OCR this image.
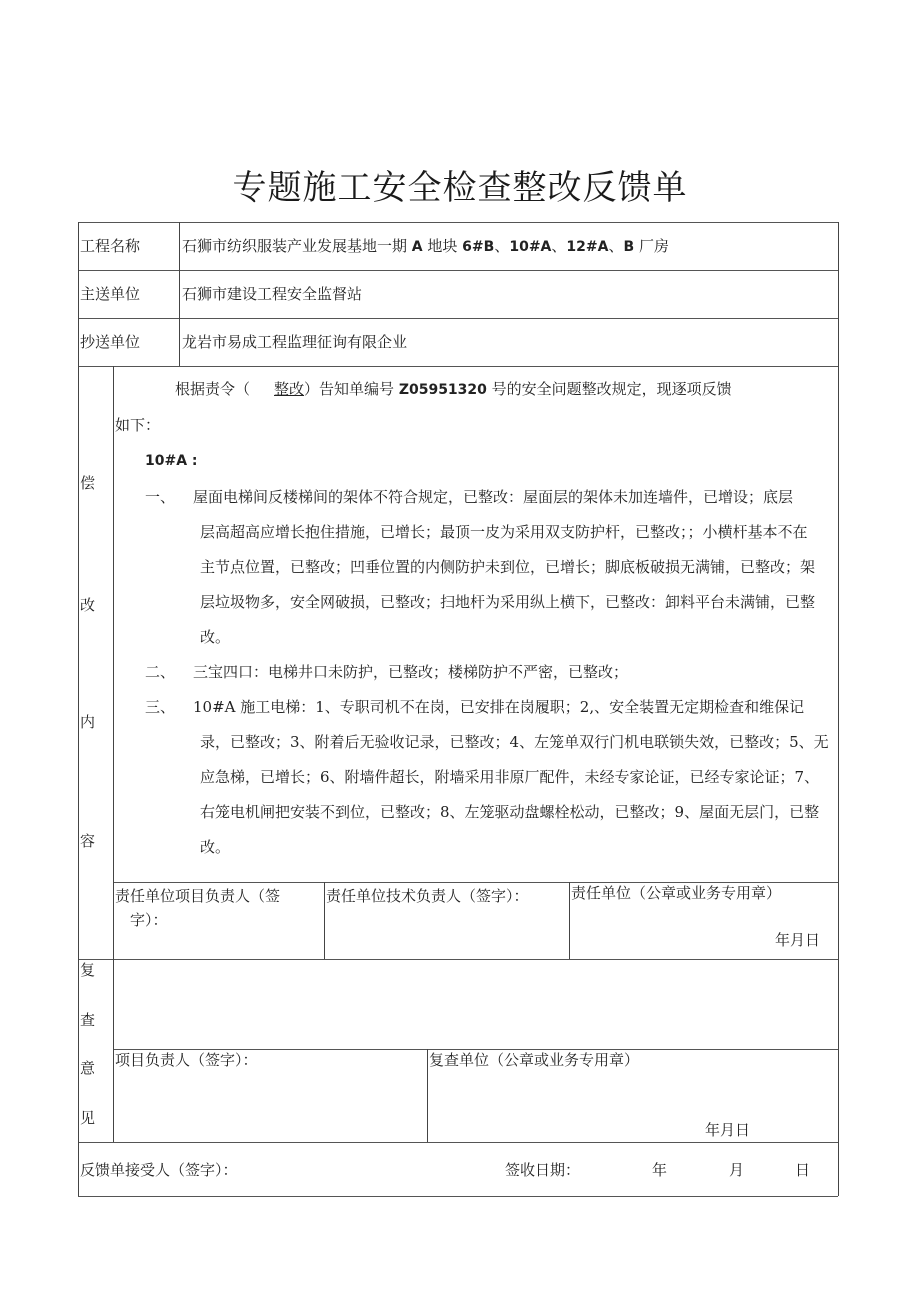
专题施工安全检查整改反馈单
工程名称	石狮市纺织服装产业发展基地一期 A 地块 6#B、10#A、12#A、B 厂房
主送单位	石狮市建设工程安全监督站
抄送单位	龙岩市易成工程监理征询有限企业
偿
改
内
容
根据责令（ 整改）告知单编号 Z05951320 号的安全问题整改规定，现逐项反馈
如下：
10#A :
一、 屋面电梯间反楼梯间的架体不符合规定，已整改：屋面层的架体未加连墙件，已增设；底层
层高超高应增长抱住措施，已增长；最顶一皮为采用双支防护杆，已整改；；小横杆基本不在
主节点位置，已整改；凹垂位置的内侧防护未到位，已增长；脚底板破损无满铺，已整改；架
层垃圾物多，安全网破损，已整改；扫地杆为采用纵上横下，已整改：卸料平台未满铺，已整
改。
二、 三宝四口：电梯井口未防护，已整改；楼梯防护不严密，已整改；
三、 10#A 施工电梯：1、专职司机不在岗，已安排在岗履职；2,、安全装置无定期检查和维保记
录，已整改；3、附着后无验收记录，已整改；4、左笼单双行门机电联锁失效，已整改；5、无
应急梯，已增长；6、附墙件超长，附墙采用非原厂配件，未经专家论证，已经专家论证；7、
右笼电机闸把安装不到位，已整改；8、左笼驱动盘螺栓松动，已整改；9、屋面无层门，已整
改。
责任单位项目负责人（签
字）：
责任单位技术负责人（签字）：	责任单位（公章或业务专用章）
年月日
复
查
意
见
项目负责人（签字）：	复查单位（公章或业务专用章）
年月日
反馈单接受人（签字）：	签收日期：	年	月	日
